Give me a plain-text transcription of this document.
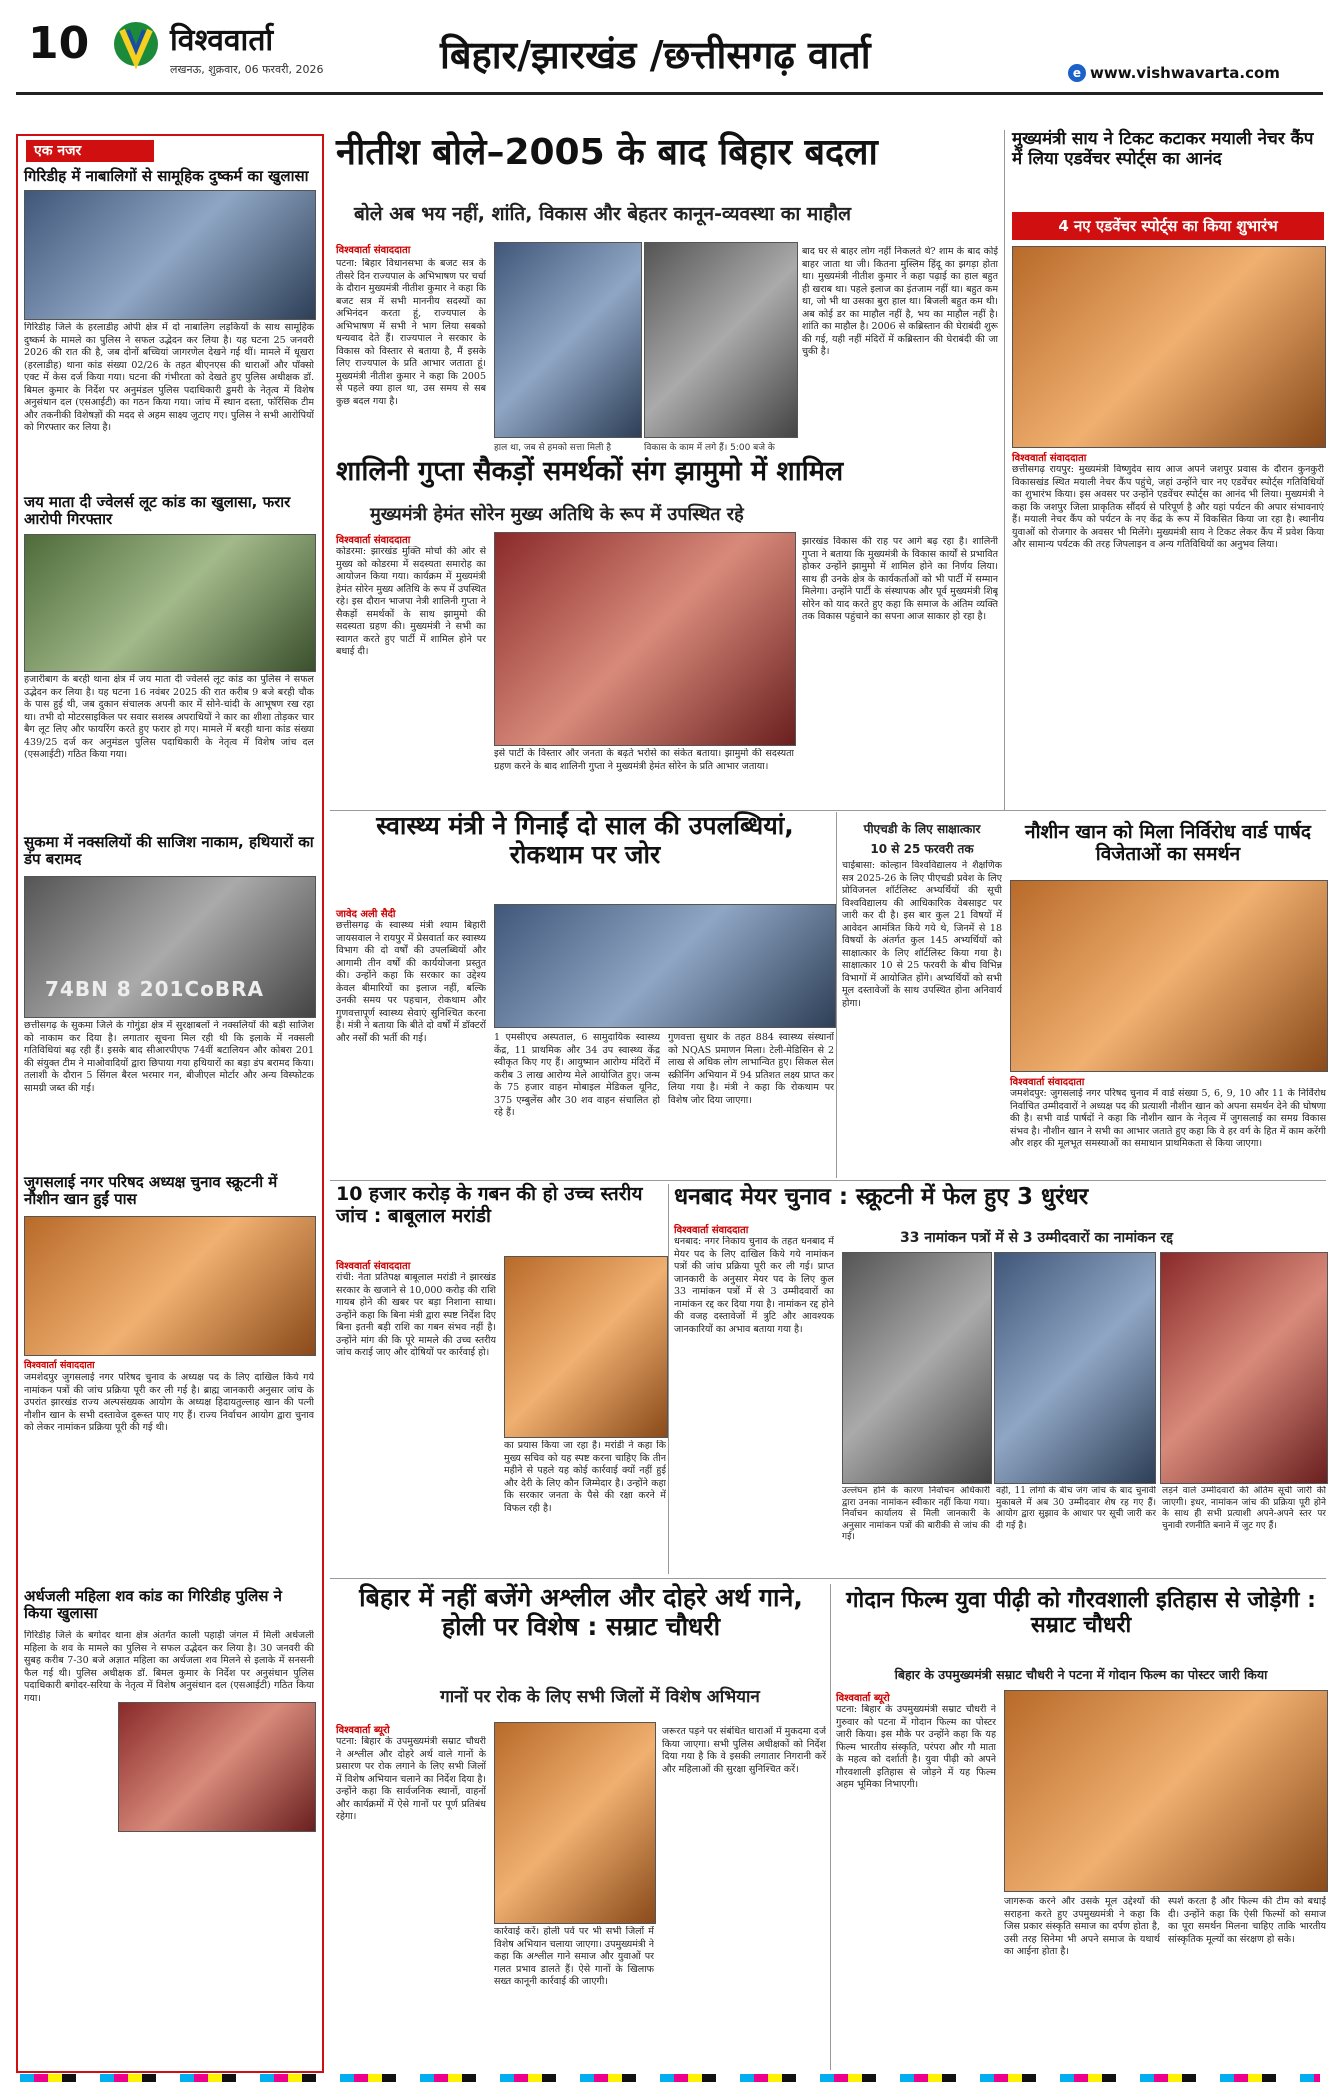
10	विश्ववार्ता
लखनऊ, शुक्रवार, 06 फरवरी, 2026	बिहार/झारखंड /छत्तीसगढ़ वार्ता	e www.vishwavarta.com
एक नजर
गिरिडीह में नाबालिगों से सामूहिक दुष्कर्म का खुलासा
गिरिडीह जिले के हरलाडीह ओपी क्षेत्र में दो नाबालिग लड़कियों के साथ सामूहिक दुष्कर्म के मामले का पुलिस ने सफल उद्भेदन कर लिया है। यह घटना 25 जनवरी 2026 की रात की है, जब दोनों बच्चियां जागरणेल देखने गई थीं। मामले में धूखरा (हरलाडीह) थाना कांड संख्या 02/26 के तहत बीएनएस की धाराओं और पॉक्सो एक्ट में केस दर्ज किया गया। घटना की गंभीरता को देखते हुए पुलिस अधीक्षक डॉ. बिमल कुमार के निर्देश पर अनुमंडल पुलिस पदाधिकारी डुमरी के नेतृत्व में विशेष अनुसंधान दल (एसआईटी) का गठन किया गया। जांच में स्थान दस्ता, फॉरेंसिक टीम और तकनीकी विशेषज्ञों की मदद से अहम साक्ष्य जुटाए गए। पुलिस ने सभी आरोपियों को गिरफ्तार कर लिया है।
जय माता दी ज्वेलर्स लूट कांड का खुलासा, फरार आरोपी गिरफ्तार
हजारीबाग के बरही थाना क्षेत्र में जय माता दी ज्वेलर्स लूट कांड का पुलिस ने सफल उद्भेदन कर लिया है। यह घटना 16 नवंबर 2025 की रात करीब 9 बजे बरही चौक के पास हुई थी, जब दुकान संचालक अपनी कार में सोने-चांदी के आभूषण रख रहा था। तभी दो मोटरसाइकिल पर सवार सशस्त्र अपराधियों ने कार का शीशा तोड़कर चार बैग लूट लिए और फायरिंग करते हुए फरार हो गए। मामले में बरही थाना कांड संख्या 439/25 दर्ज कर अनुमंडल पुलिस पदाधिकारी के नेतृत्व में विशेष जांच दल (एसआईटी) गठित किया गया।
सुकमा में नक्सलियों की साजिश नाकाम, हथियारों का डंप बरामद
74BN 8 201CoBRA
छत्तीसगढ़ के सुकमा जिले के गोगुंडा क्षेत्र में सुरक्षाबलों ने नक्सलियों की बड़ी साजिश को नाकाम कर दिया है। लगातार सूचना मिल रही थी कि इलाके में नक्सली गतिविधियां बढ़ रही हैं। इसके बाद सीआरपीएफ 74वीं बटालियन और कोबरा 201 की संयुक्त टीम ने माओवादियों द्वारा छिपाया गया हथियारों का बड़ा डंप बरामद किया। तलाशी के दौरान 5 सिंगल बैरल भरमार गन, बीजीएल मोर्टार और अन्य विस्फोटक सामग्री जब्त की गई।
जुगसलाई नगर परिषद अध्यक्ष चुनाव स्क्रूटनी में नौशीन खान हुईं पास
विश्ववार्ता संवाददाता
जमशेदपुर जुगसलाई नगर परिषद चुनाव के अध्यक्ष पद के लिए दाखिल किये गये नामांकन पत्रों की जांच प्रक्रिया पूरी कर ली गई है। ब्राह्म जानकारी अनुसार जांच के उपरांत झारखंड राज्य अल्पसंख्यक आयोग के अध्यक्ष हिदायतुल्लाह खान की पत्नी नौशीन खान के सभी दस्तावेज दुरूस्त पाए गए हैं। राज्य निर्वाचन आयोग द्वारा चुनाव को लेकर नामांकन प्रक्रिया पूरी की गई थी।
अर्धजली महिला शव कांड का गिरिडीह पुलिस ने किया खुलासा
गिरिडीह जिले के बगोदर थाना क्षेत्र अंतर्गत काली पहाड़ी जंगल में मिली अर्धजली महिला के शव के मामले का पुलिस ने सफल उद्भेदन कर लिया है। 30 जनवरी की सुबह करीब 7-30 बजे अज्ञात महिला का अर्धजला शव मिलने से इलाके में सनसनी फैल गई थी। पुलिस अधीक्षक डॉ. बिमल कुमार के निर्देश पर अनुसंधान पुलिस पदाधिकारी बगोदर-सरिया के नेतृत्व में विशेष अनुसंधान दल (एसआईटी) गठित किया गया।
नीतीश बोले–2005 के बाद बिहार बदला
बोले अब भय नहीं, शांति, विकास और बेहतर कानून-व्यवस्था का माहौल
विश्ववार्ता संवाददाता
पटना: बिहार विधानसभा के बजट सत्र के तीसरे दिन राज्यपाल के अभिभाषण पर चर्चा के दौरान मुख्यमंत्री नीतीश कुमार ने कहा कि बजट सत्र में सभी माननीय सदस्यों का अभिनंदन करता हूं, राज्यपाल के अभिभाषण में सभी ने भाग लिया सबको धन्यवाद देते हैं। राज्यपाल ने सरकार के विकास को विस्तार से बताया है, मैं इसके लिए राज्यपाल के प्रति आभार जताता हूं। मुख्यमंत्री नीतीश कुमार ने कहा कि 2005 से पहले क्या हाल था, उस समय से सब कुछ बदल गया है।
हाल था, जब से हमको सत्ता मिली है	विकास के काम में लगे हैं। 5:00 बजे के
बाद घर से बाहर लोग नहीं निकलते थे? शाम के बाद कोई बाहर जाता था जी। कितना मुस्लिम हिंदू का झगड़ा होता था। मुख्यमंत्री नीतीश कुमार ने कहा पढ़ाई का हाल बहुत ही खराब था। पहले इलाज का इंतजाम नहीं था। बहुत कम था, जो भी था उसका बुरा हाल था। बिजली बहुत कम थी। अब कोई डर का माहौल नहीं है, भय का माहौल नहीं है। शांति का माहौल है। 2006 से कब्रिस्तान की घेराबंदी शुरू की गई, यही नहीं मंदिरों में कब्रिस्तान की घेराबंदी की जा चुकी है।
मुख्यमंत्री साय ने टिकट कटाकर मयाली नेचर कैंप में लिया एडवेंचर स्पोर्ट्स का आनंद
4 नए एडवेंचर स्पोर्ट्स का किया शुभारंभ
विश्ववार्ता संवाददाता
छत्तीसगढ़ रायपुर: मुख्यमंत्री विष्णुदेव साय आज अपने जशपुर प्रवास के दौरान कुनकुरी विकासखंड स्थित मयाली नेचर कैंप पहुंचे, जहां उन्होंने चार नए एडवेंचर स्पोर्ट्स गतिविधियों का शुभारंभ किया। इस अवसर पर उन्होंने एडवेंचर स्पोर्ट्स का आनंद भी लिया। मुख्यमंत्री ने कहा कि जशपुर जिला प्राकृतिक सौंदर्य से परिपूर्ण है और यहां पर्यटन की अपार संभावनाएं हैं। मयाली नेचर कैंप को पर्यटन के नए केंद्र के रूप में विकसित किया जा रहा है। स्थानीय युवाओं को रोजगार के अवसर भी मिलेंगे। मुख्यमंत्री साय ने टिकट लेकर कैंप में प्रवेश किया और सामान्य पर्यटक की तरह जिपलाइन व अन्य गतिविधियों का अनुभव लिया।
शालिनी गुप्ता सैकड़ों समर्थकों संग झामुमो में शामिल
मुख्यमंत्री हेमंत सोरेन मुख्य अतिथि के रूप में उपस्थित रहे
विश्ववार्ता संवाददाता
कोडरमा: झारखंड मुक्ति मोर्चा की ओर से मुख्य को कोडरमा में सदस्यता समारोह का आयोजन किया गया। कार्यक्रम में मुख्यमंत्री हेमंत सोरेन मुख्य अतिथि के रूप में उपस्थित रहे। इस दौरान भाजपा नेत्री शालिनी गुप्ता ने सैकड़ों समर्थकों के साथ झामुमो की सदस्यता ग्रहण की। मुख्यमंत्री ने सभी का स्वागत करते हुए पार्टी में शामिल होने पर बधाई दी।
इसे पार्टी के विस्तार और जनता के बढ़ते भरोसे का संकेत बताया। झामुमो की सदस्यता ग्रहण करने के बाद शालिनी गुप्ता ने मुख्यमंत्री हेमंत सोरेन के प्रति आभार जताया।
झारखंड विकास की राह पर आगे बढ़ रहा है। शालिनी गुप्ता ने बताया कि मुख्यमंत्री के विकास कार्यों से प्रभावित होकर उन्होंने झामुमो में शामिल होने का निर्णय लिया। साथ ही उनके क्षेत्र के कार्यकर्ताओं को भी पार्टी में सम्मान मिलेगा। उन्होंने पार्टी के संस्थापक और पूर्व मुख्यमंत्री शिबू सोरेन को याद करते हुए कहा कि समाज के अंतिम व्यक्ति तक विकास पहुंचाने का सपना आज साकार हो रहा है।
स्वास्थ्य मंत्री ने गिनाईं दो साल की उपलब्धियां, रोकथाम पर जोर
जावेद अली सैदी
छत्तीसगढ़ के स्वास्थ्य मंत्री श्याम बिहारी जायसवाल ने रायपुर में प्रेसवार्ता कर स्वास्थ्य विभाग की दो वर्षों की उपलब्धियों और आगामी तीन वर्षों की कार्ययोजना प्रस्तुत की। उन्होंने कहा कि सरकार का उद्देश्य केवल बीमारियों का इलाज नहीं, बल्कि उनकी समय पर पहचान, रोकथाम और गुणवत्तापूर्ण स्वास्थ्य सेवाएं सुनिश्चित करना है। मंत्री ने बताया कि बीते दो वर्षों में डॉक्टरों और नर्सों की भर्ती की गई।	1 एमसीएच अस्पताल, 6 सामुदायिक स्वास्थ्य केंद्र, 11 प्राथमिक और 34 उप स्वास्थ्य केंद्र स्वीकृत किए गए हैं। आयुष्मान आरोग्य मंदिरों में करीब 3 लाख आरोग्य मेले आयोजित हुए। जन्म के 75 हजार वाहन मोबाइल मेडिकल यूनिट, 375 एम्बुलेंस और 30 शव वाहन संचालित हो रहे हैं।
गुणवत्ता सुधार के तहत 884 स्वास्थ्य संस्थानों को NQAS प्रमाणन मिला। टेली-मेडिसिन से 2 लाख से अधिक लोग लाभान्वित हुए। सिकल सेल स्क्रीनिंग अभियान में 94 प्रतिशत लक्ष्य प्राप्त कर लिया गया है। मंत्री ने कहा कि रोकथाम पर विशेष जोर दिया जाएगा।
पीएचडी के लिए साक्षात्कार
10 से 25 फरवरी तक
चाईबासा: कोल्हान विश्वविद्यालय ने शैक्षणिक सत्र 2025-26 के लिए पीएचडी प्रवेश के लिए प्रोविजनल शॉर्टलिस्ट अभ्यर्थियों की सूची विश्वविद्यालय की आधिकारिक वेबसाइट पर जारी कर दी है। इस बार कुल 21 विषयों में आवेदन आमंत्रित किये गये थे, जिनमें से 18 विषयों के अंतर्गत कुल 145 अभ्यर्थियों को साक्षात्कार के लिए शॉर्टलिस्ट किया गया है। साक्षात्कार 10 से 25 फरवरी के बीच विभिन्न विभागों में आयोजित होंगे। अभ्यर्थियों को सभी मूल दस्तावेजों के साथ उपस्थित होना अनिवार्य होगा।
नौशीन खान को मिला निर्विरोध वार्ड पार्षद विजेताओं का समर्थन
विश्ववार्ता संवाददाता
जमशेदपुर: जुगसलाई नगर परिषद चुनाव में वार्ड संख्या 5, 6, 9, 10 और 11 के निर्विरोध निर्वाचित उम्मीदवारों ने अध्यक्ष पद की प्रत्याशी नौशीन खान को अपना समर्थन देने की घोषणा की है। सभी वार्ड पार्षदों ने कहा कि नौशीन खान के नेतृत्व में जुगसलाई का समग्र विकास संभव है। नौशीन खान ने सभी का आभार जताते हुए कहा कि वे हर वर्ग के हित में काम करेंगी और शहर की मूलभूत समस्याओं का समाधान प्राथमिकता से किया जाएगा।
10 हजार करोड़ के गबन की हो उच्च स्तरीय जांच : बाबूलाल मरांडी
विश्ववार्ता संवाददाता
रांची: नेता प्रतिपक्ष बाबूलाल मरांडी ने झारखंड सरकार के खजाने से 10,000 करोड़ की राशि गायब होने की खबर पर बड़ा निशाना साधा। उन्होंने कहा कि बिना मंत्री द्वारा स्पष्ट निर्देश दिए बिना इतनी बड़ी राशि का गबन संभव नहीं है। उन्होंने मांग की कि पूरे मामले की उच्च स्तरीय जांच कराई जाए और दोषियों पर कार्रवाई हो।
का प्रयास किया जा रहा है। मरांडी ने कहा कि मुख्य सचिव को यह स्पष्ट करना चाहिए कि तीन महीने से पहले यह कोई कार्रवाई क्यों नहीं हुई और देरी के लिए कौन जिम्मेदार है। उन्होंने कहा कि सरकार जनता के पैसे की रक्षा करने में विफल रही है।
धनबाद मेयर चुनाव : स्क्रूटनी में फेल हुए 3 धुरंधर
33 नामांकन पत्रों में से 3 उम्मीदवारों का नामांकन रद्द
विश्ववार्ता संवाददाता
धनबाद: नगर निकाय चुनाव के तहत धनबाद में मेयर पद के लिए दाखिल किये गये नामांकन पत्रों की जांच प्रक्रिया पूरी कर ली गई। प्राप्त जानकारी के अनुसार मेयर पद के लिए कुल 33 नामांकन पत्रों में से 3 उम्मीदवारों का नामांकन रद्द कर दिया गया है। नामांकन रद्द होने की वजह दस्तावेजों में त्रुटि और आवश्यक जानकारियों का अभाव बताया गया है।
उल्लंघन होने के कारण निर्वाचन अधिकारी द्वारा उनका नामांकन स्वीकार नहीं किया गया। निर्वाचन कार्यालय से मिली जानकारी के अनुसार नामांकन पत्रों की बारीकी से जांच की गई।
वहीं, 11 लोगों के बीच जंग जांच के बाद चुनावी मुकाबले में अब 30 उम्मीदवार शेष रह गए हैं। आयोग द्वारा सुझाव के आधार पर सूची जारी कर दी गई है।
लड़ने वाले उम्मीदवारों की अंतिम सूची जारी की जाएगी। इधर, नामांकन जांच की प्रक्रिया पूरी होने के साथ ही सभी प्रत्याशी अपने-अपने स्तर पर चुनावी रणनीति बनाने में जुट गए हैं।
बिहार में नहीं बजेंगे अश्लील और दोहरे अर्थ गाने, होली पर विशेष : सम्राट चौधरी
गानों पर रोक के लिए सभी जिलों में विशेष अभियान
विश्ववार्ता ब्यूरो
पटना: बिहार के उपमुख्यमंत्री सम्राट चौधरी ने अश्लील और दोहरे अर्थ वाले गानों के प्रसारण पर रोक लगाने के लिए सभी जिलों में विशेष अभियान चलाने का निर्देश दिया है। उन्होंने कहा कि सार्वजनिक स्थानों, वाहनों और कार्यक्रमों में ऐसे गानों पर पूर्ण प्रतिबंध रहेगा।
कार्रवाई करें। होली पर्व पर भी सभी जिलों में विशेष अभियान चलाया जाएगा। उपमुख्यमंत्री ने कहा कि अश्लील गाने समाज और युवाओं पर गलत प्रभाव डालते हैं। ऐसे गानों के खिलाफ सख्त कानूनी कार्रवाई की जाएगी।
जरूरत पड़ने पर संबंधित धाराओं में मुकदमा दर्ज किया जाएगा। सभी पुलिस अधीक्षकों को निर्देश दिया गया है कि वे इसकी लगातार निगरानी करें और महिलाओं की सुरक्षा सुनिश्चित करें।
गोदान फिल्म युवा पीढ़ी को गौरवशाली इतिहास से जोड़ेगी : सम्राट चौधरी
बिहार के उपमुख्यमंत्री सम्राट चौधरी ने पटना में गोदान फिल्म का पोस्टर जारी किया
विश्ववार्ता ब्यूरो
पटना: बिहार के उपमुख्यमंत्री सम्राट चौधरी ने गुरुवार को पटना में गोदान फिल्म का पोस्टर जारी किया। इस मौके पर उन्होंने कहा कि यह फिल्म भारतीय संस्कृति, परंपरा और गौ माता के महत्व को दर्शाती है। युवा पीढ़ी को अपने गौरवशाली इतिहास से जोड़ने में यह फिल्म अहम भूमिका निभाएगी।
जागरूक करने और उसके मूल उद्देश्यों की सराहना करते हुए उपमुख्यमंत्री ने कहा कि जिस प्रकार संस्कृति समाज का दर्पण होता है, उसी तरह सिनेमा भी अपने समाज के यथार्थ का आईना होता है।
स्पर्श करता है और फिल्म की टीम को बधाई दी। उन्होंने कहा कि ऐसी फिल्मों को समाज का पूरा समर्थन मिलना चाहिए ताकि भारतीय सांस्कृतिक मूल्यों का संरक्षण हो सके।
